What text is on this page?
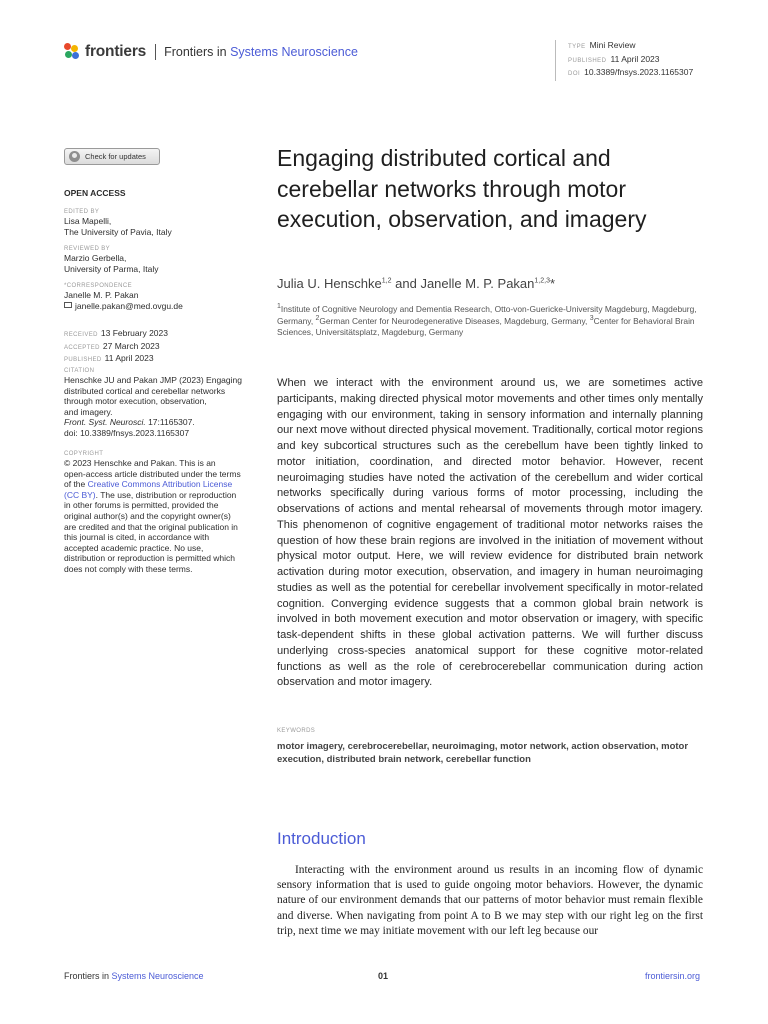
frontiers Frontiers in Systems Neuroscience	TYPE Mini Review
PUBLISHED 11 April 2023
DOI 10.3389/fnsys.2023.1165307
Check for updates
OPEN ACCESS
EDITED BY
Lisa Mapelli,
The University of Pavia, Italy
REVIEWED BY
Marzio Gerbella,
University of Parma, Italy
*CORRESPONDENCE
Janelle M. P. Pakan
janelle.pakan@med.ovgu.de
RECEIVED 13 February 2023
ACCEPTED 27 March 2023
PUBLISHED 11 April 2023
CITATION
Henschke JU and Pakan JMP (2023) Engaging
distributed cortical and cerebellar networks
through motor execution, observation,
and imagery.
Front. Syst. Neurosci. 17:1165307.
doi: 10.3389/fnsys.2023.1165307
COPYRIGHT
© 2023 Henschke and Pakan. This is an
open-access article distributed under the terms
of the Creative Commons Attribution License
(CC BY). The use, distribution or reproduction
in other forums is permitted, provided the
original author(s) and the copyright owner(s)
are credited and that the original publication in
this journal is cited, in accordance with
accepted academic practice. No use,
distribution or reproduction is permitted which
does not comply with these terms.
Engaging distributed cortical and cerebellar networks through motor execution, observation, and imagery
Julia U. Henschke$^{1,2}$ and Janelle M. P. Pakan$^{1,2,3}$*
$^1$Institute of Cognitive Neurology and Dementia Research, Otto-von-Guericke-University Magdeburg, Magdeburg, Germany, $^2$German Center for Neurodegenerative Diseases, Magdeburg, Germany, $^3$Center for Behavioral Brain Sciences, Universitätsplatz, Magdeburg, Germany
When we interact with the environment around us, we are sometimes active participants, making directed physical motor movements and other times only mentally engaging with our environment, taking in sensory information and internally planning our next move without directed physical movement. Traditionally, cortical motor regions and key subcortical structures such as the cerebellum have been tightly linked to motor initiation, coordination, and directed motor behavior. However, recent neuroimaging studies have noted the activation of the cerebellum and wider cortical networks specifically during various forms of motor processing, including the observations of actions and mental rehearsal of movements through motor imagery. This phenomenon of cognitive engagement of traditional motor networks raises the question of how these brain regions are involved in the initiation of movement without physical motor output. Here, we will review evidence for distributed brain network activation during motor execution, observation, and imagery in human neuroimaging studies as well as the potential for cerebellar involvement specifically in motor-related cognition. Converging evidence suggests that a common global brain network is involved in both movement execution and motor observation or imagery, with specific task-dependent shifts in these global activation patterns. We will further discuss underlying cross-species anatomical support for these cognitive motor-related functions as well as the role of cerebrocerebellar communication during action observation and motor imagery.
KEYWORDS
motor imagery, cerebrocerebellar, neuroimaging, motor network, action observation, motor execution, distributed brain network, cerebellar function
Introduction
Interacting with the environment around us results in an incoming flow of dynamic sensory information that is used to guide ongoing motor behaviors. However, the dynamic nature of our environment demands that our patterns of motor behavior must remain flexible and diverse. When navigating from point A to B we may step with our right leg on the first trip, next time we may initiate movement with our left leg because our
Frontiers in Systems Neuroscience	01	frontiersin.org
